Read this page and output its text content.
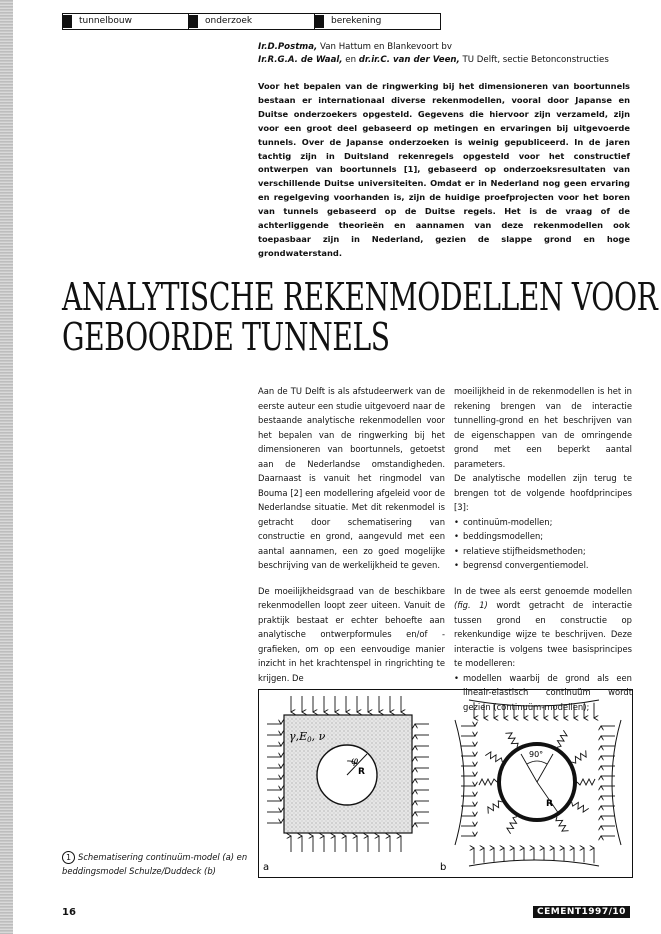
tunnelbouw	onderzoek	berekening
Ir.D.Postma, Van Hattum en Blankevoort bv
Ir.R.G.A. de Waal, en dr.ir.C. van der Veen, TU Delft, sectie Betonconstructies
Voor het bepalen van de ringwerking bij het dimensioneren van boortunnels bestaan er internationaal diverse rekenmodellen, vooral door Japanse en Duitse onderzoekers opgesteld. Gegevens die hiervoor zijn verzameld, zijn voor een groot deel gebaseerd op metingen en ervaringen bij uitgevoerde tunnels. Over de Japanse onderzoeken is weinig gepubliceerd. In de jaren tachtig zijn in Duitsland rekenregels opgesteld voor het constructief ontwerpen van boortunnels [1], gebaseerd op onderzoeksresultaten van verschillende Duitse universiteiten. Omdat er in Nederland nog geen ervaring en regelgeving voorhanden is, zijn de huidige proefprojecten voor het boren van tunnels gebaseerd op de Duitse regels. Het is de vraag of de achterliggende theorieën en aannamen van deze rekenmodellen ook toepasbaar zijn in Nederland, gezien de slappe grond en hoge grondwaterstand.
ANALYTISCHE REKENMODELLEN VOOR
GEBOORDE TUNNELS

Aan de TU Delft is als afstudeerwerk van de eerste auteur een studie uitgevoerd naar de bestaande analytische rekenmodellen voor het bepalen van de ringwerking bij het dimensioneren van boortunnels, getoetst aan de Nederlandse omstandigheden. Daarnaast is vanuit het ringmodel van Bouma [2] een modellering afgeleid voor de Nederlandse situatie. Met dit rekenmodel is getracht door schematisering van constructie en grond, aangevuld met een aantal aannamen, een zo goed mogelijke beschrijving van de werkelijkheid te geven.

De moeilijkheidsgraad van de beschikbare rekenmodellen loopt zeer uiteen. Vanuit de praktijk bestaat er echter behoefte aan analytische ontwerpformules en/of -grafieken, om op een eenvoudige manier inzicht in het krachtenspel in ringrichting te krijgen. De

moeilijkheid in de rekenmodellen is het in rekening brengen van de interactie tunnelling-grond en het beschrijven van de eigenschappen van de omringende grond met een beperkt aantal parameters.

De analytische modellen zijn terug te brengen tot de volgende hoofdprincipes [3]:

• continuüm-modellen;
• beddingsmodellen;
• relatieve stijfheidsmethoden;
• begrensd convergentiemodel.

In de twee als eerst genoemde modellen (fig. 1) wordt getracht de interactie tussen grond en constructie op rekenkundige wijze te beschrijven. Deze interactie is volgens twee basisprincipes te modelleren:

• modellen waarbij de grond als een lineair-elastisch continuüm wordt gezien (continuüm-modellen);
γ,E0, ν
φ
R
a
90°
R
b
1 Schematisering continuüm-model (a) en beddingsmodel Schulze/Duddeck (b)
16	CEMENT1997/10
